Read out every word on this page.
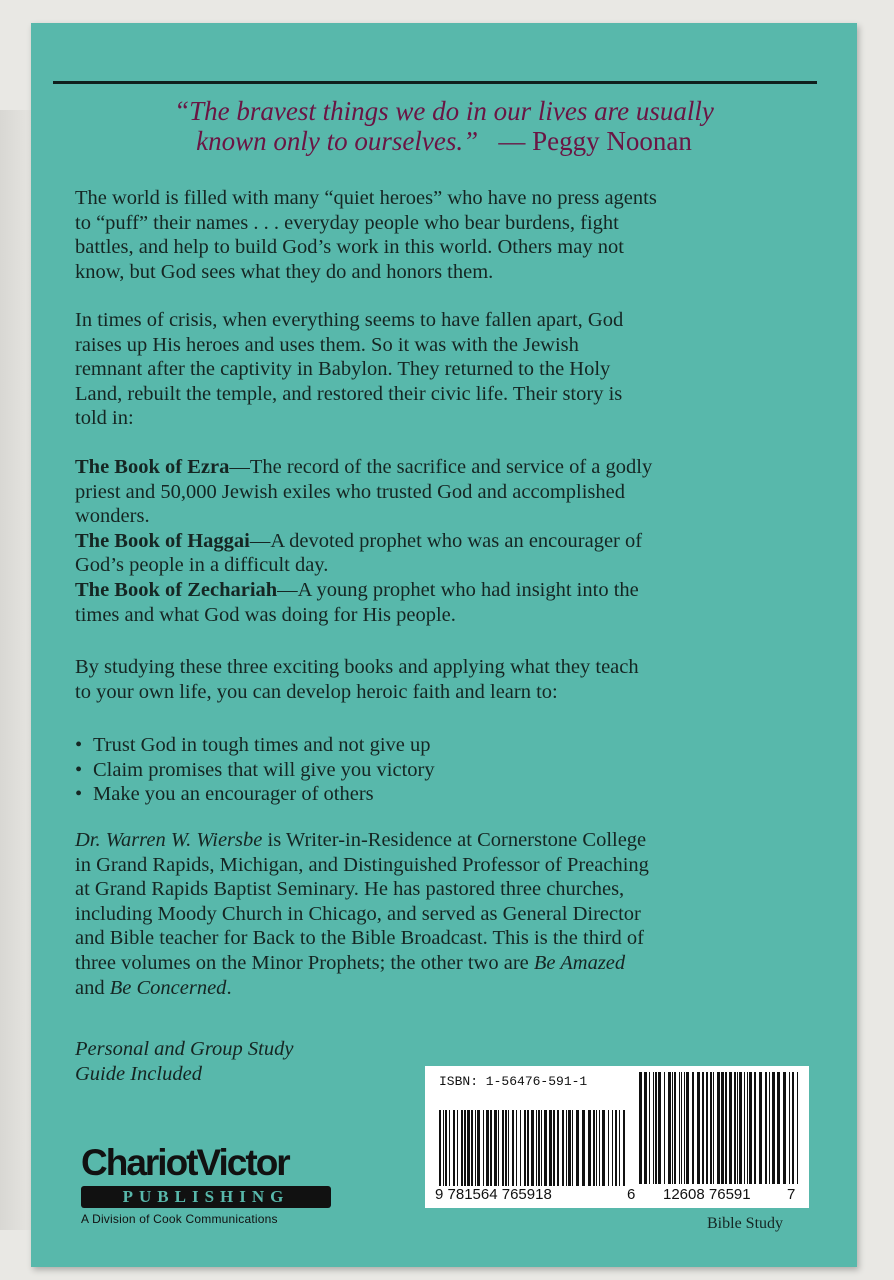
“The bravest things we do in our lives are usually
known only to ourselves.” — Peggy Noonan

The world is filled with many “quiet heroes” who have no press agents

to “puff” their names . . . everyday people who bear burdens, fight

battles, and help to build God’s work in this world. Others may not

know, but God sees what they do and honors them.

In times of crisis, when everything seems to have fallen apart, God

raises up His heroes and uses them. So it was with the Jewish

remnant after the captivity in Babylon. They returned to the Holy

Land, rebuilt the temple, and restored their civic life. Their story is

told in:

The Book of Ezra—The record of the sacrifice and service of a godly

priest and 50,000 Jewish exiles who trusted God and accomplished

wonders.

The Book of Haggai—A devoted prophet who was an encourager of

God’s people in a difficult day.

The Book of Zechariah—A young prophet who had insight into the

times and what God was doing for His people.

By studying these three exciting books and applying what they teach

to your own life, you can develop heroic faith and learn to:

• Trust God in tough times and not give up
• Claim promises that will give you victory
• Make you an encourager of others

Dr. Warren W. Wiersbe is Writer-in-Residence at Cornerstone College

in Grand Rapids, Michigan, and Distinguished Professor of Preaching

at Grand Rapids Baptist Seminary. He has pastored three churches,

including Moody Church in Chicago, and served as General Director

and Bible teacher for Back to the Bible Broadcast. This is the third of

three volumes on the Minor Prophets; the other two are Be Amazed

and Be Concerned.

Personal and Group Study
Guide Included
ChariotVictor
PUBLISHING
A Division of Cook Communications
ISBN: 1-56476-591-1
9 781564 765918	6 12608 76591 7
Bible Study
